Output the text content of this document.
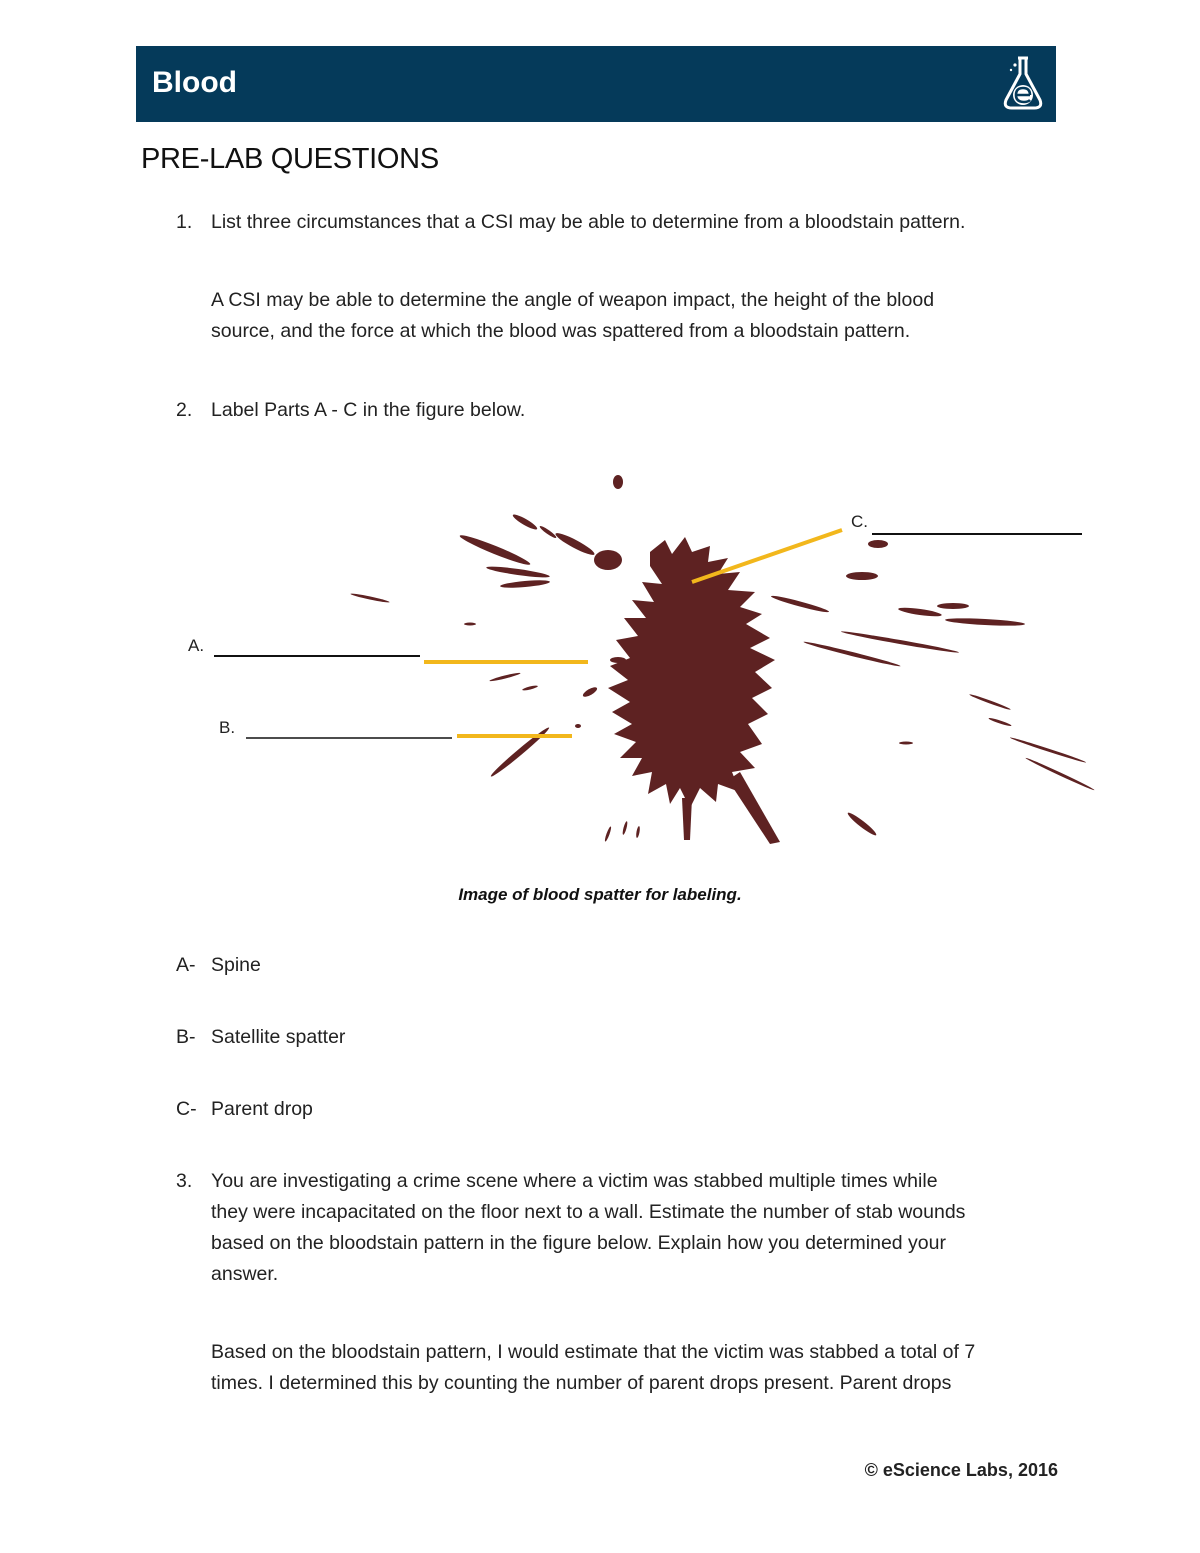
Blood
PRE-LAB QUESTIONS
1. List three circumstances that a CSI may be able to determine from a bloodstain pattern.
A CSI may be able to determine the angle of weapon impact, the height of the blood
source, and the force at which the blood was spattered from a bloodstain pattern.
2. Label Parts A - C in the figure below.
A.
B.
C.
Image of blood spatter for labeling.
A- Spine
B- Satellite spatter
C- Parent drop
3. You are investigating a crime scene where a victim was stabbed multiple times while
they were incapacitated on the floor next to a wall. Estimate the number of stab wounds
based on the bloodstain pattern in the figure below. Explain how you determined your
answer.
Based on the bloodstain pattern, I would estimate that the victim was stabbed a total of 7
times. I determined this by counting the number of parent drops present. Parent drops
© eScience Labs, 2016
